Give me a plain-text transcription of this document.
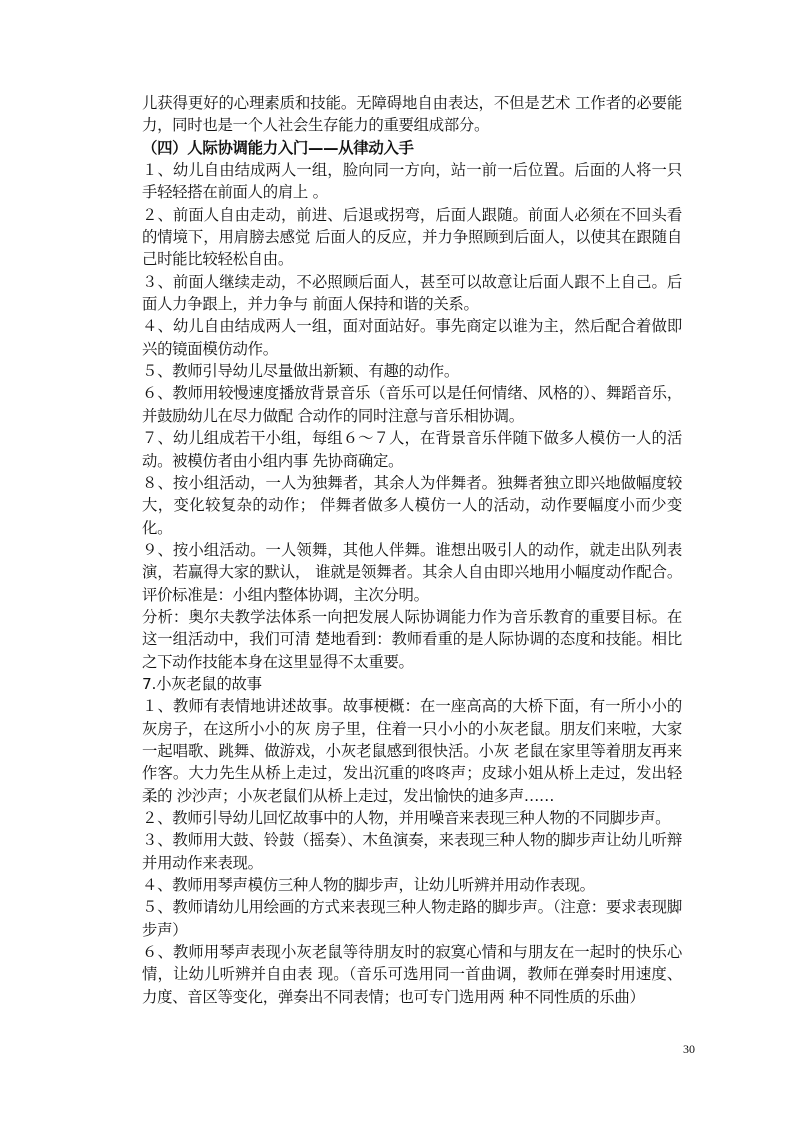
儿获得更好的心理素质和技能。无障碍地自由表达，不但是艺术 工作者的必要能力，同时也是一个人社会生存能力的重要组成部分。

（四）人际协调能力入门——从律动入手

１、幼儿自由结成两人一组，脸向同一方向，站一前一后位置。后面的人将一只手轻轻搭在前面人的肩上 。

２、前面人自由走动，前进、后退或拐弯，后面人跟随。前面人必须在不回头看的情境下，用肩膀去感觉 后面人的反应，并力争照顾到后面人，以使其在跟随自己时能比较轻松自由。

３、前面人继续走动，不必照顾后面人，甚至可以故意让后面人跟不上自己。后面人力争跟上，并力争与 前面人保持和谐的关系。

４、幼儿自由结成两人一组，面对面站好。事先商定以谁为主，然后配合着做即兴的镜面模仿动作。

５、教师引导幼儿尽量做出新颖、有趣的动作。

６、教师用较慢速度播放背景音乐（音乐可以是任何情绪、风格的）、舞蹈音乐，并鼓励幼儿在尽力做配 合动作的同时注意与音乐相协调。

７、幼儿组成若干小组，每组６～７人，在背景音乐伴随下做多人模仿一人的活动。被模仿者由小组内事 先协商确定。

８、按小组活动，一人为独舞者，其余人为伴舞者。独舞者独立即兴地做幅度较大，变化较复杂的动作； 伴舞者做多人模仿一人的活动，动作要幅度小而少变化。

９、按小组活动。一人领舞，其他人伴舞。谁想出吸引人的动作，就走出队列表演，若赢得大家的默认， 谁就是领舞者。其余人自由即兴地用小幅度动作配合。评价标准是：小组内整体协调，主次分明。

分析：奥尔夫教学法体系一向把发展人际协调能力作为音乐教育的重要目标。在这一组活动中，我们可清 楚地看到：教师看重的是人际协调的态度和技能。相比之下动作技能本身在这里显得不太重要。

7.小灰老鼠的故事

１、教师有表情地讲述故事。故事梗概：在一座高高的大桥下面，有一所小小的灰房子，在这所小小的灰 房子里，住着一只小小的小灰老鼠。朋友们来啦，大家一起唱歌、跳舞、做游戏，小灰老鼠感到很快活。小灰 老鼠在家里等着朋友再来作客。大力先生从桥上走过，发出沉重的咚咚声；皮球小姐从桥上走过，发出轻柔的 沙沙声；小灰老鼠们从桥上走过，发出愉快的迪多声……

２、教师引导幼儿回忆故事中的人物，并用噪音来表现三种人物的不同脚步声。

３、教师用大鼓、铃鼓（摇奏）、木鱼演奏，来表现三种人物的脚步声让幼儿听辩并用动作来表现。

４、教师用琴声模仿三种人物的脚步声，让幼儿听辨并用动作表现。

５、教师请幼儿用绘画的方式来表现三种人物走路的脚步声。（注意：要求表现脚步声）

６、教师用琴声表现小灰老鼠等待朋友时的寂寞心情和与朋友在一起时的快乐心情，让幼儿听辨并自由表 现。（音乐可选用同一首曲调，教师在弹奏时用速度、力度、音区等变化，弹奏出不同表情；也可专门选用两 种不同性质的乐曲）

30
